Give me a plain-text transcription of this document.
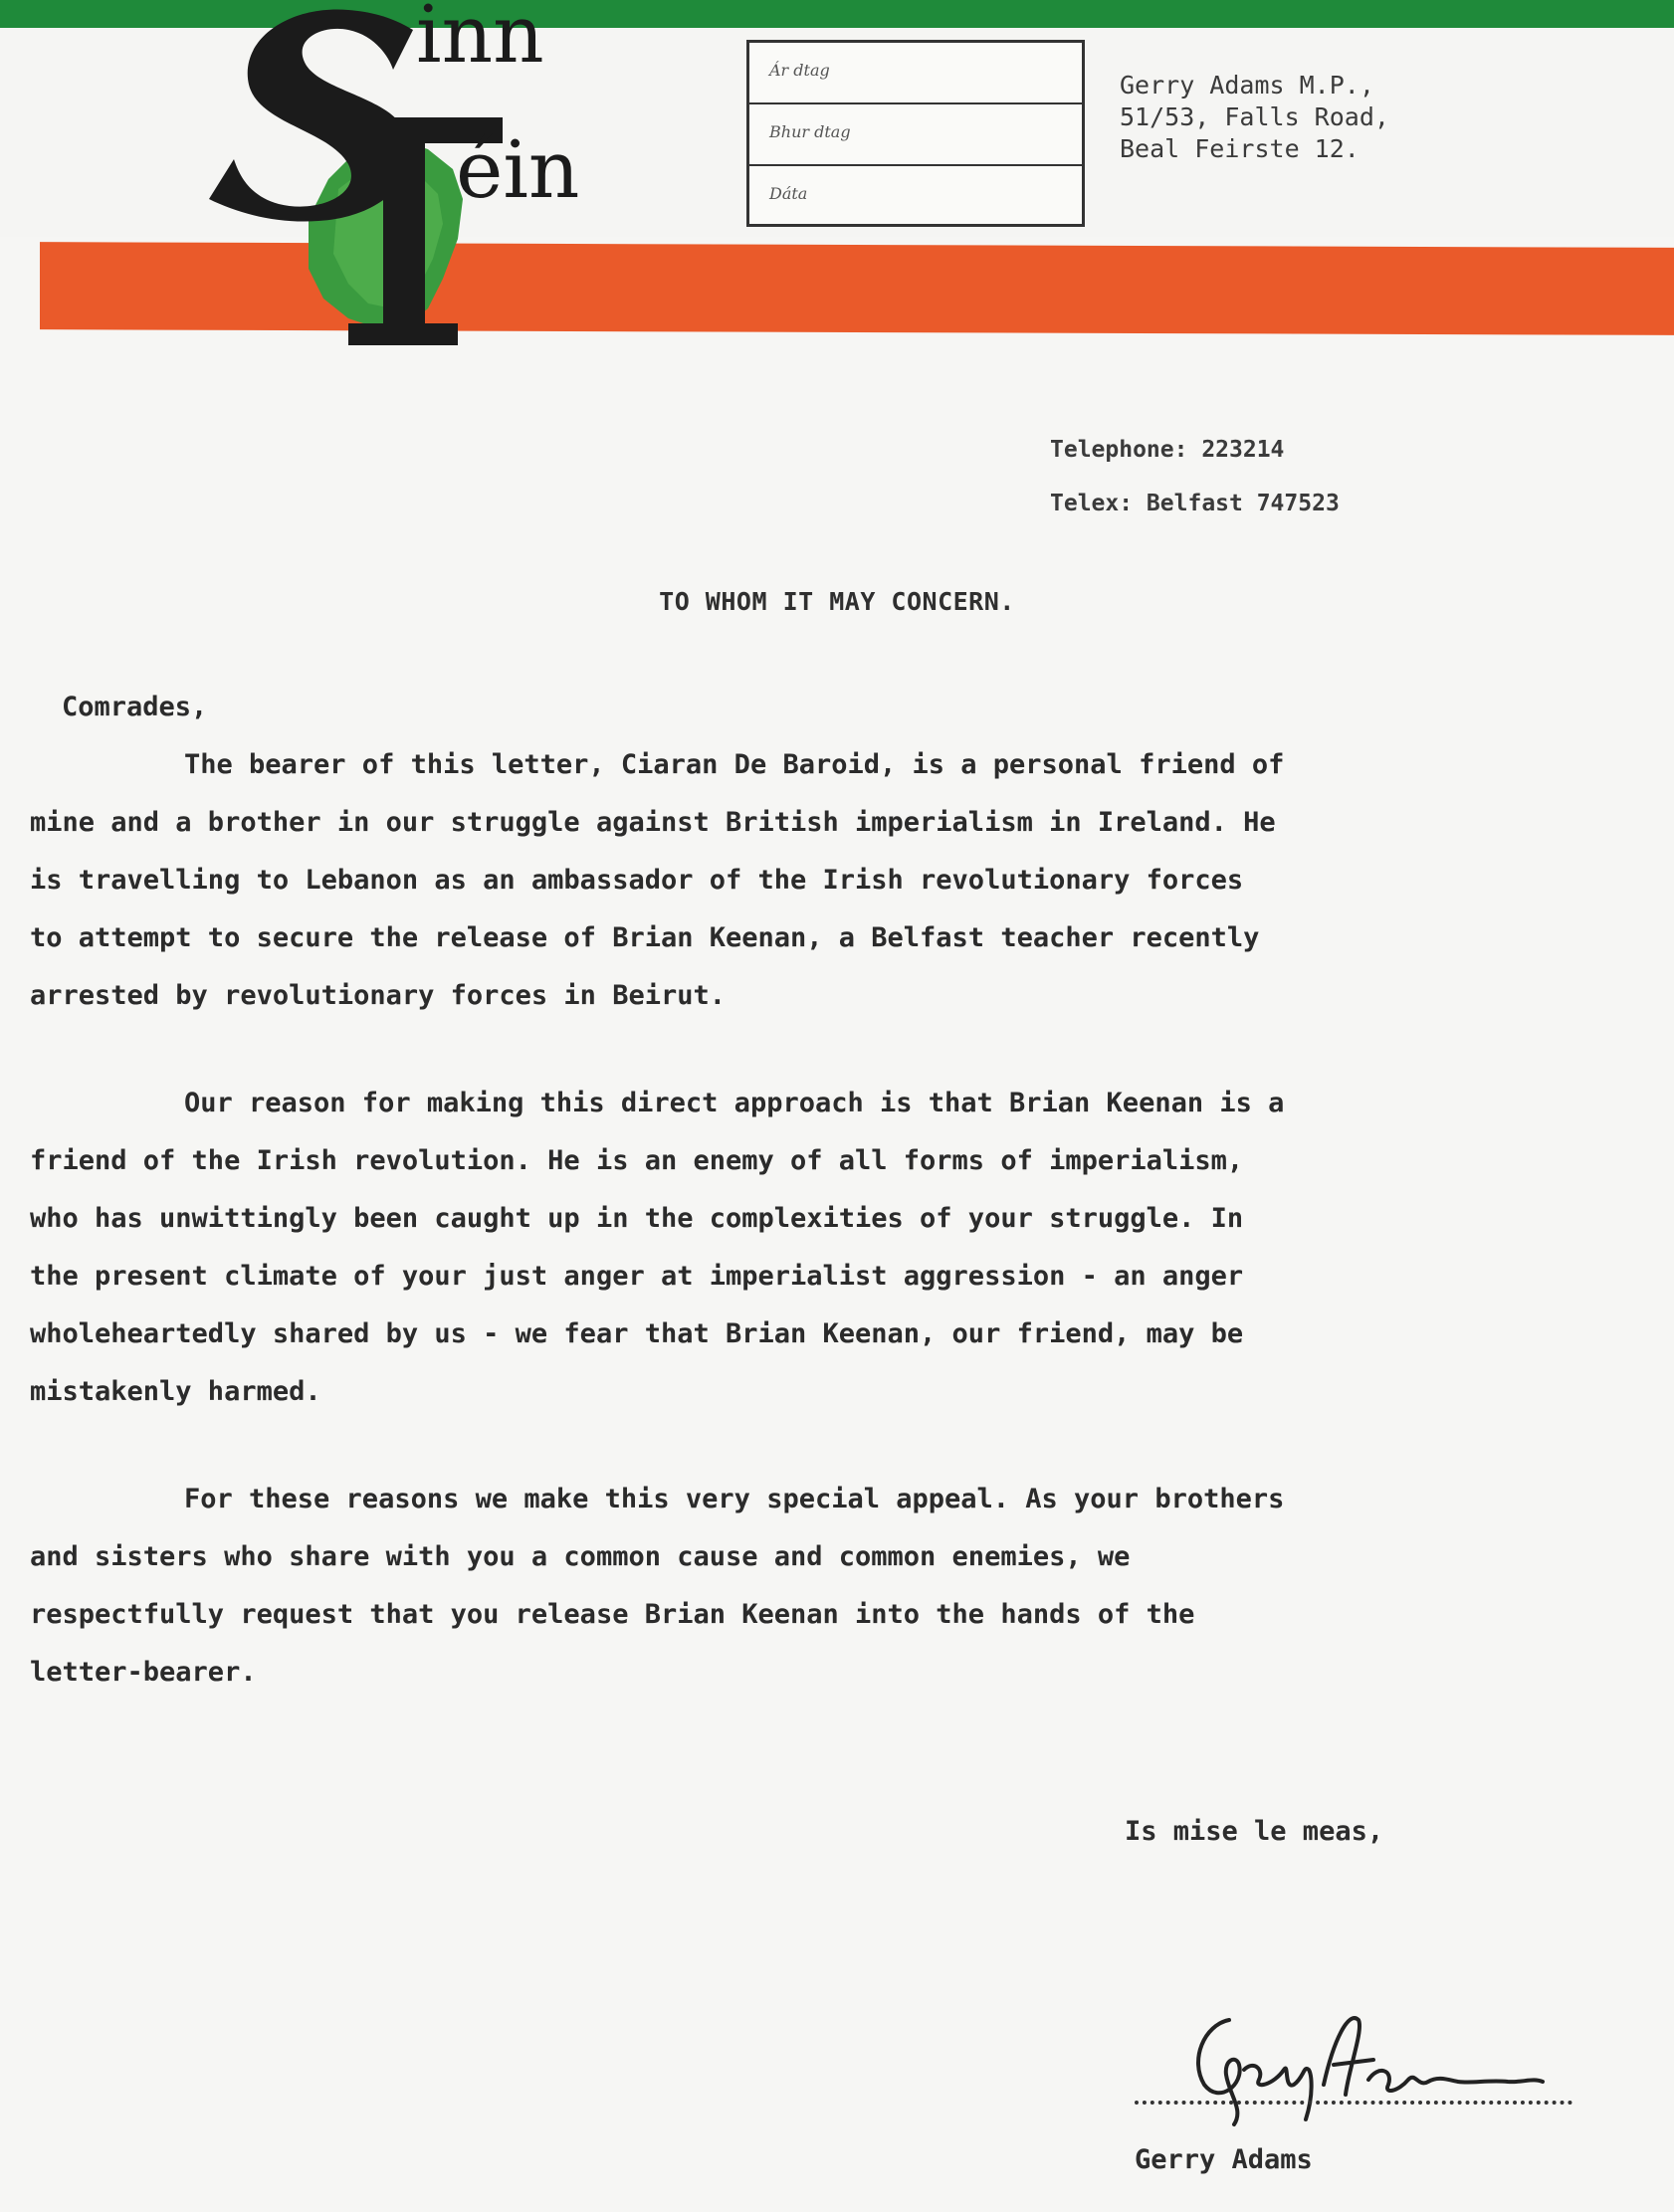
inn
éin
Ár dtag
Bhur dtag
Dáta
Gerry Adams M.P.,
51/53, Falls Road,
Beal Feirste 12.
Telephone: 223214
Telex: Belfast 747523
TO WHOM IT MAY CONCERN.
Comrades,

The bearer of this letter, Ciaran De Baroid, is a personal friend of

mine and a brother in our struggle against British imperialism in Ireland. He

is travelling to Lebanon as an ambassador of the Irish revolutionary forces

to attempt to secure the release of Brian Keenan, a Belfast teacher recently

arrested by revolutionary forces in Beirut.

Our reason for making this direct approach is that Brian Keenan is a

friend of the Irish revolution. He is an enemy of all forms of imperialism,

who has unwittingly been caught up in the complexities of your struggle. In

the present climate of your just anger at imperialist aggression - an anger

wholeheartedly shared by us - we fear that Brian Keenan, our friend, may be

mistakenly harmed.

For these reasons we make this very special appeal. As your brothers

and sisters who share with you a common cause and common enemies, we

respectfully request that you release Brian Keenan into the hands of the

letter-bearer.

Is mise le meas,
Gerry Adams
